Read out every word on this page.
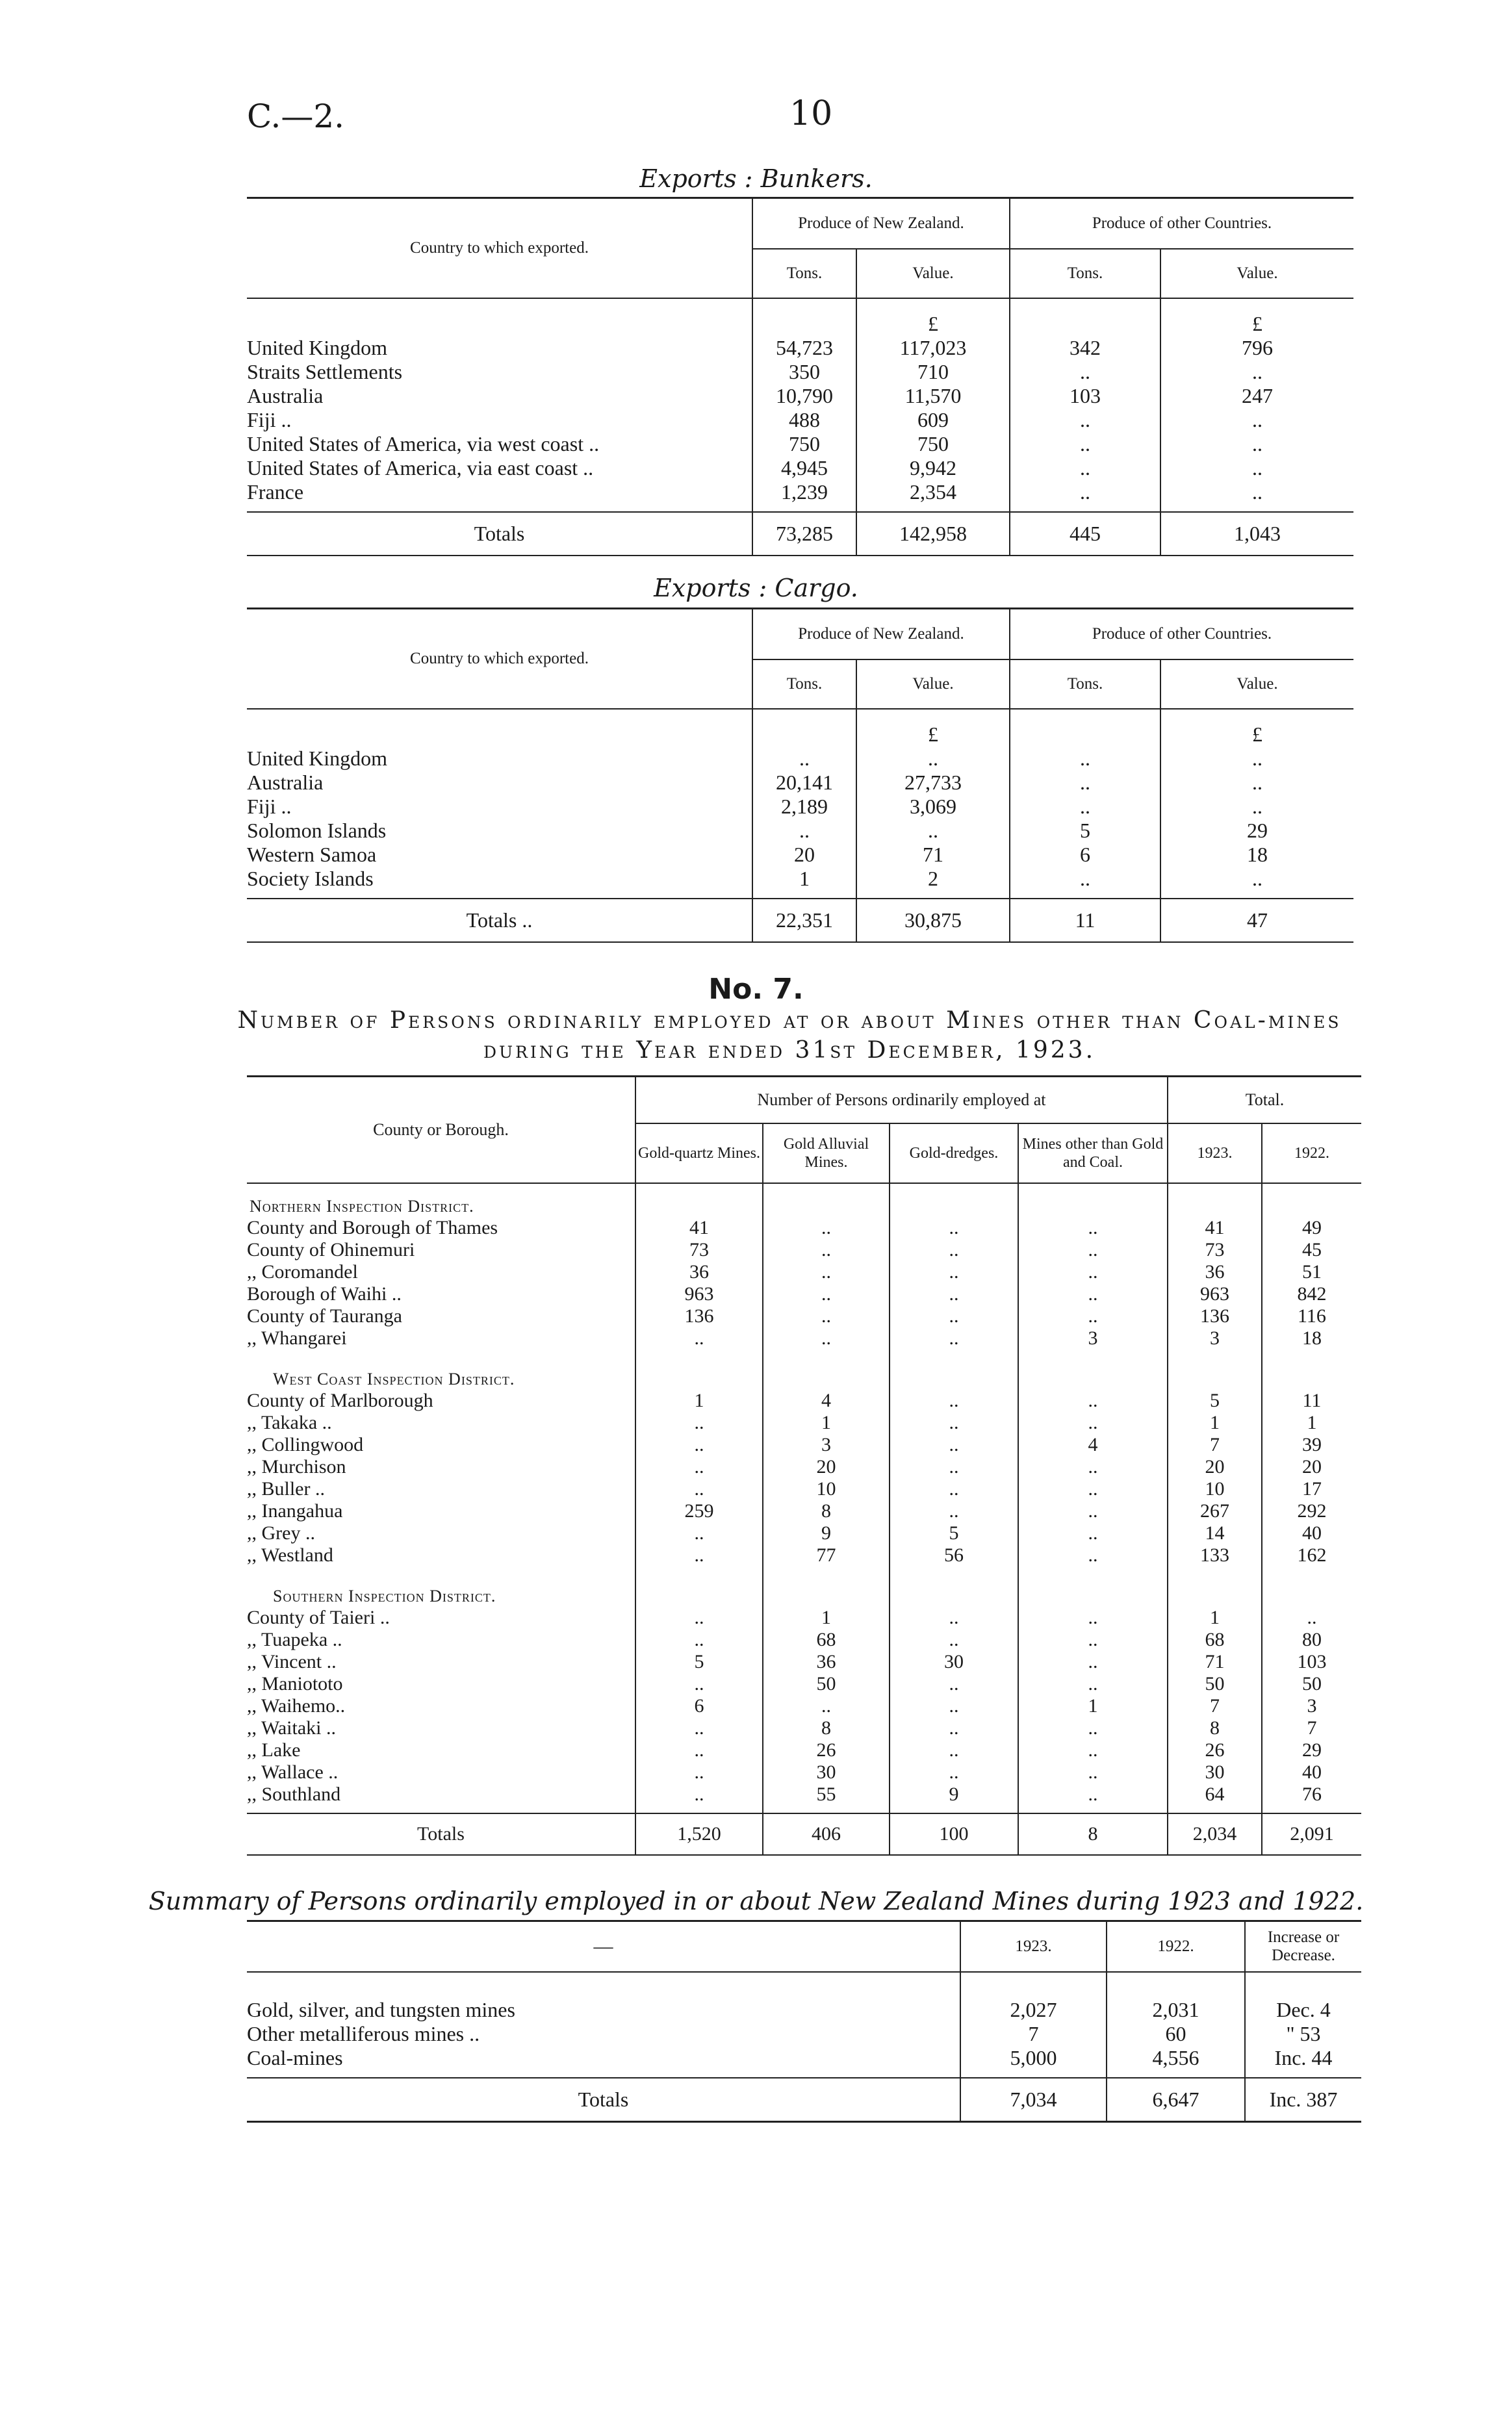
C.—2.	10
Exports : Bunkers.
Country to which exported.	Produce of New Zealand.		Produce of other Countries.	
	Tons.	Value.	Tons.	Value.
		£		£
United Kingdom	54,723	117,023	342	796
Straits Settlements	350	710	..	..
Australia	10,790	11,570	103	247
Fiji ..	488	609	..	..
United States of America, via west coast ..	750	750	..	..
United States of America, via east coast ..	4,945	9,942	..	..
France	1,239	2,354	..	..

Totals	73,285	142,958	445	1,043
Exports : Cargo.
Country to which exported.	Produce of New Zealand.		Produce of other Countries.	
	Tons.	Value.	Tons.	Value.
		£		£
United Kingdom	..	..	..	..
Australia	20,141	27,733	..	..
Fiji ..	2,189	3,069	..	..
Solomon Islands	..	..	5	29
Western Samoa	20	71	6	18
Society Islands	1	2	..	..

Totals ..	22,351	30,875	11	47
No. 7.
Number of Persons ordinarily employed at or about Mines other than Coal-mines
during the Year ended 31st December, 1923.
County or Borough.	Number of Persons ordinarily employed at				Total.	
	Gold-quartz Mines.	Gold Alluvial Mines.	Gold-dredges.	Mines other than Gold and Coal.	1923.	1922.

Northern Inspection District.						
County and Borough of Thames	41	..	..	..	41	49
County of Ohinemuri	73	..	..	..	73	45
,, Coromandel	36	..	..	..	36	51
Borough of Waihi ..	963	..	..	..	963	842
County of Tauranga	136	..	..	..	136	116
,, Whangarei	..	..	..	3	3	18

West Coast Inspection District.						
County of Marlborough	1	4	..	..	5	11
,, Takaka ..	..	1	..	..	1	1
,, Collingwood	..	3	..	4	7	39
,, Murchison	..	20	..	..	20	20
,, Buller ..	..	10	..	..	10	17
,, Inangahua	259	8	..	..	267	292
,, Grey ..	..	9	5	..	14	40
,, Westland	..	77	56	..	133	162

Southern Inspection District.						
County of Taieri ..	..	1	..	..	1	..
,, Tuapeka ..	..	68	..	..	68	80
,, Vincent ..	5	36	30	..	71	103
,, Maniototo	..	50	..	..	50	50
,, Waihemo..	6	..	..	1	7	3
,, Waitaki ..	..	8	..	..	8	7
,, Lake	..	26	..	..	26	29
,, Wallace ..	..	30	..	..	30	40
,, Southland	..	55	9	..	64	76

Totals	1,520	406	100	8	2,034	2,091
Summary of Persons ordinarily employed in or about New Zealand Mines during 1923 and 1922.
—	1923.	1922.	Increase or Decrease.

Gold, silver, and tungsten mines	2,027	2,031	Dec. 4
Other metalliferous mines ..	7	60	" 53
Coal-mines	5,000	4,556	Inc. 44

Totals	7,034	6,647	Inc. 387
